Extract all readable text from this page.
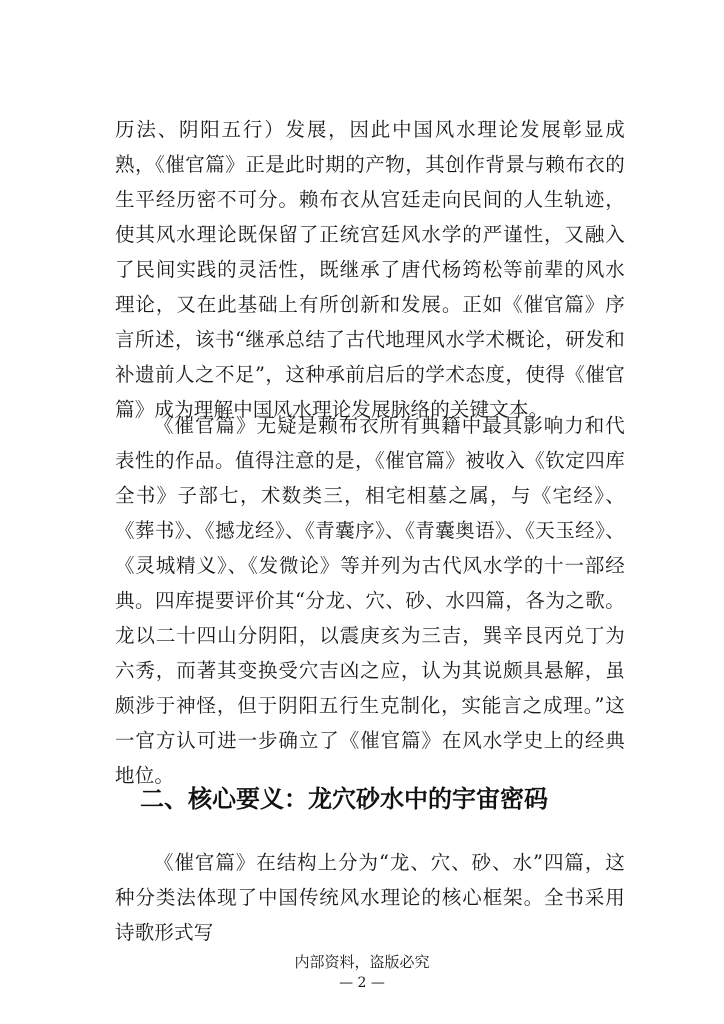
历法、阴阳五行）发展，因此中国风水理论发展彰显成熟，《催官篇》正是此时期的产物，其创作背景与赖布衣的生平经历密不可分。赖布衣从宫廷走向民间的人生轨迹，使其风水理论既保留了正统宫廷风水学的严谨性，又融入了民间实践的灵活性，既继承了唐代杨筠松等前辈的风水理论，又在此基础上有所创新和发展。正如《催官篇》序言所述，该书“继承总结了古代地理风水学术概论，研发和补遗前人之不足”，这种承前启后的学术态度，使得《催官篇》成为理解中国风水理论发展脉络的关键文本。

《催官篇》无疑是赖布衣所有典籍中最具影响力和代表性的作品。值得注意的是，《催官篇》被收入《钦定四库全书》子部七，术数类三，相宅相墓之属，与《宅经》、《葬书》、《撼龙经》、《青囊序》、《青囊奥语》、《天玉经》、《灵城精义》、《发微论》等并列为古代风水学的十一部经典。四库提要评价其“分龙、穴、砂、水四篇，各为之歌。龙以二十四山分阴阳，以震庚亥为三吉，巽辛艮丙兑丁为六秀，而著其变换受穴吉凶之应，认为其说颇具悬解，虽颇涉于神怪，但于阴阳五行生克制化，实能言之成理。”这一官方认可进一步确立了《催官篇》在风水学史上的经典地位。

二、核心要义：龙穴砂水中的宇宙密码

《催官篇》在结构上分为“龙、穴、砂、水”四篇，这种分类法体现了中国传统风水理论的核心框架。全书采用诗歌形式写

内部资料，盗版必究

— 2 —
